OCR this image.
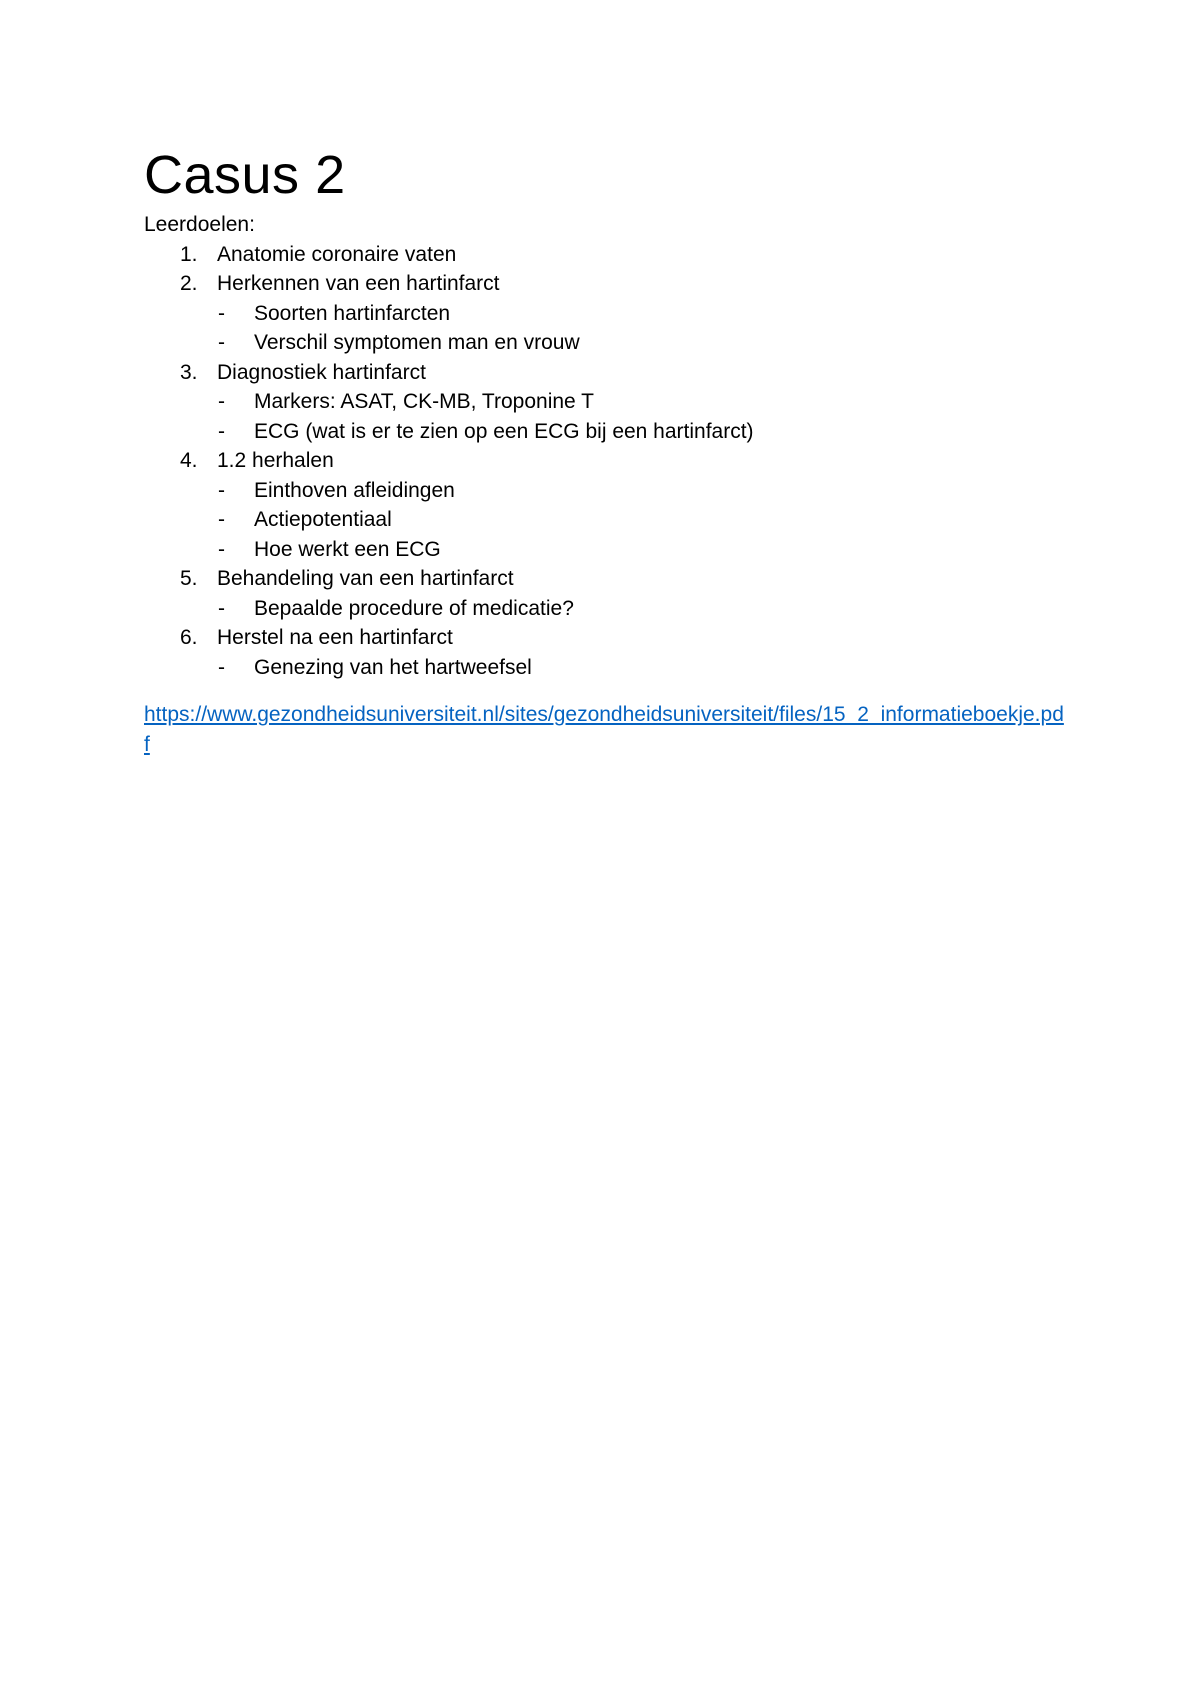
Casus 2

Leerdoelen:

1. Anatomie coronaire vaten
2. Herkennen van een hartinfarct
- Soorten hartinfarcten
- Verschil symptomen man en vrouw
3. Diagnostiek hartinfarct
- Markers: ASAT, CK-MB, Troponine T
- ECG (wat is er te zien op een ECG bij een hartinfarct)
4. 1.2 herhalen
- Einthoven afleidingen
- Actiepotentiaal
- Hoe werkt een ECG
5. Behandeling van een hartinfarct
- Bepaalde procedure of medicatie?
6. Herstel na een hartinfarct
- Genezing van het hartweefsel
https://www.gezondheidsuniversiteit.nl/sites/gezondheidsuniversiteit/files/15_2_informatieboekje.pdf
